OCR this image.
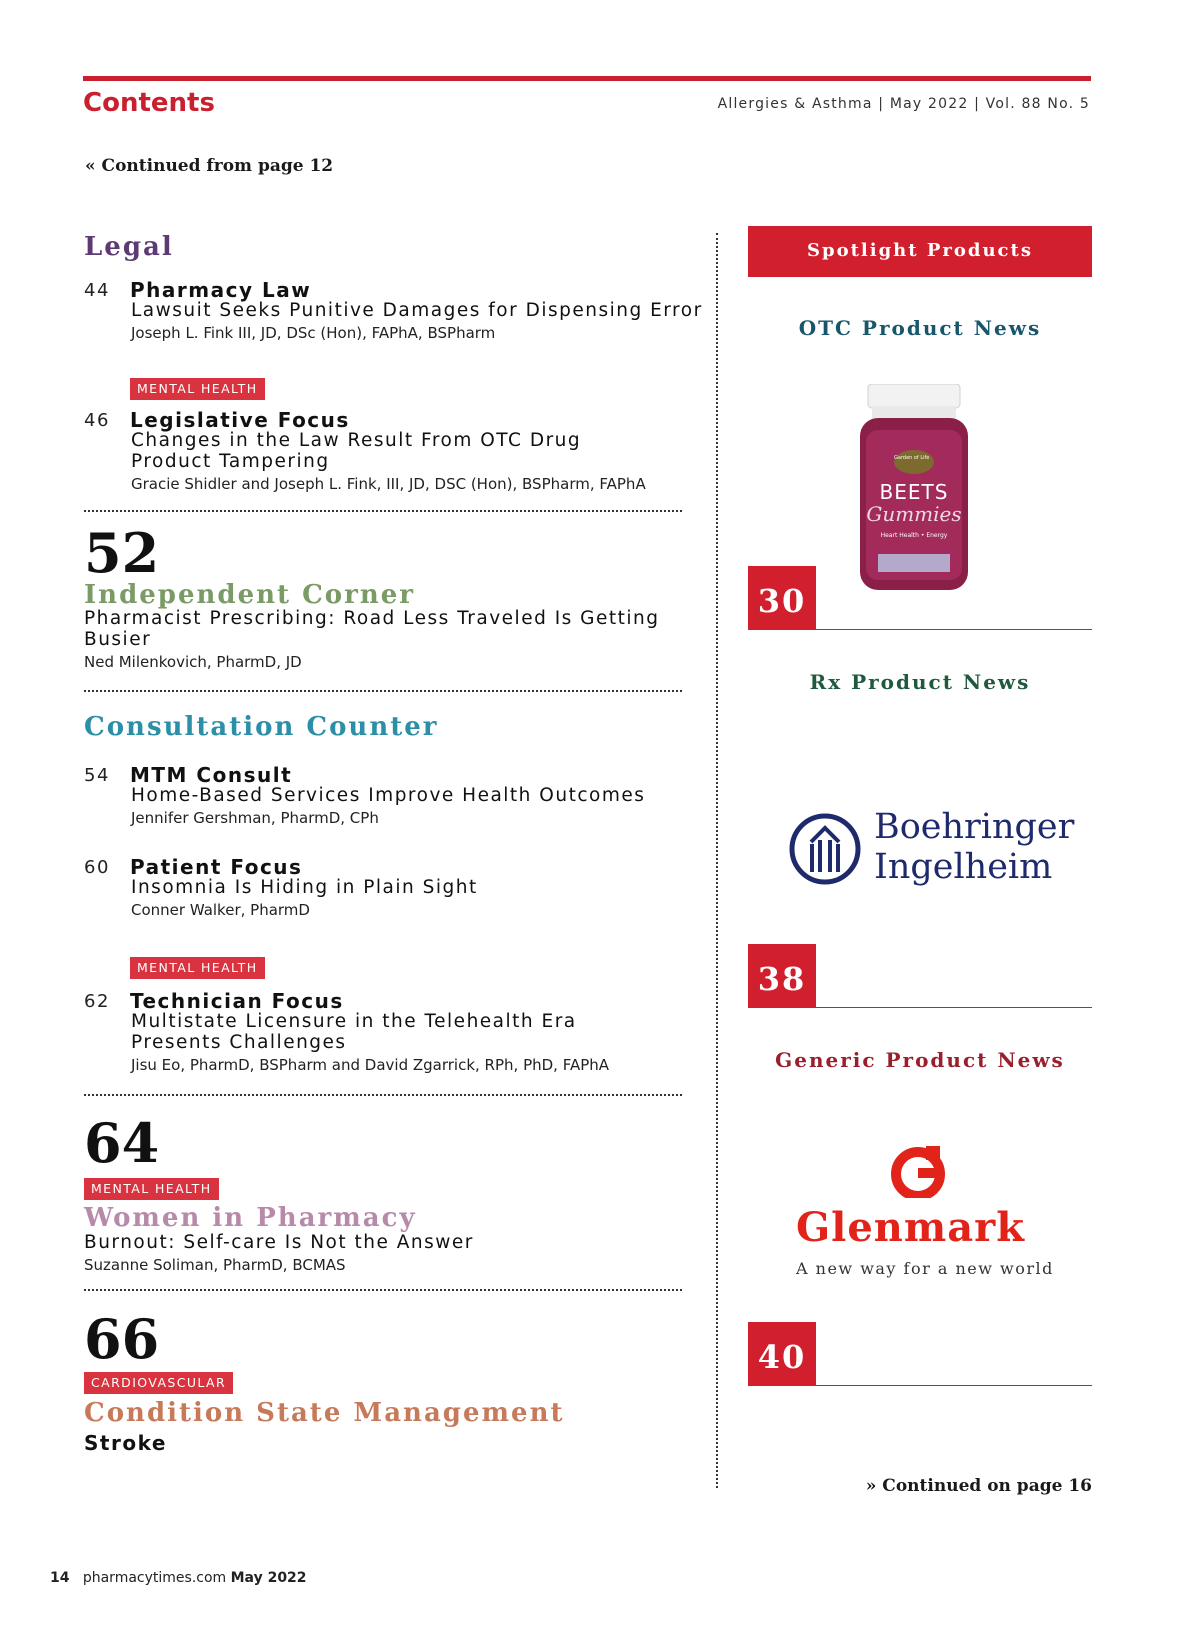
Contents	Allergies & Asthma | May 2022 | Vol. 88 No. 5
« Continued from page 12
Legal
44 Pharmacy Law
Lawsuit Seeks Punitive Damages for Dispensing Error
Joseph L. Fink III, JD, DSc (Hon), FAPhA, BSPharm
MENTAL HEALTH
46 Legislative Focus
Changes in the Law Result From OTC Drug
Product Tampering
Gracie Shidler and Joseph L. Fink, III, JD, DSC (Hon), BSPharm, FAPhA
52
Independent Corner
Pharmacist Prescribing: Road Less Traveled Is Getting
Busier
Ned Milenkovich, PharmD, JD
Consultation Counter
54 MTM Consult
Home-Based Services Improve Health Outcomes
Jennifer Gershman, PharmD, CPh
60 Patient Focus
Insomnia Is Hiding in Plain Sight
Conner Walker, PharmD
MENTAL HEALTH
62 Technician Focus
Multistate Licensure in the Telehealth Era
Presents Challenges
Jisu Eo, PharmD, BSPharm and David Zgarrick, RPh, PhD, FAPhA
64
MENTAL HEALTH
Women in Pharmacy
Burnout: Self-care Is Not the Answer
Suzanne Soliman, PharmD, BCMAS
66
CARDIOVASCULAR
Condition State Management
Stroke
Spotlight Products
OTC Product News
Garden of Life
BEETS
Gummies
Heart Health • Energy
30
Rx Product News
Boehringer
Ingelheim
38
Generic Product News
Glenmark
A new way for a new world
40
» Continued on page 16
14 pharmacytimes.com May 2022
